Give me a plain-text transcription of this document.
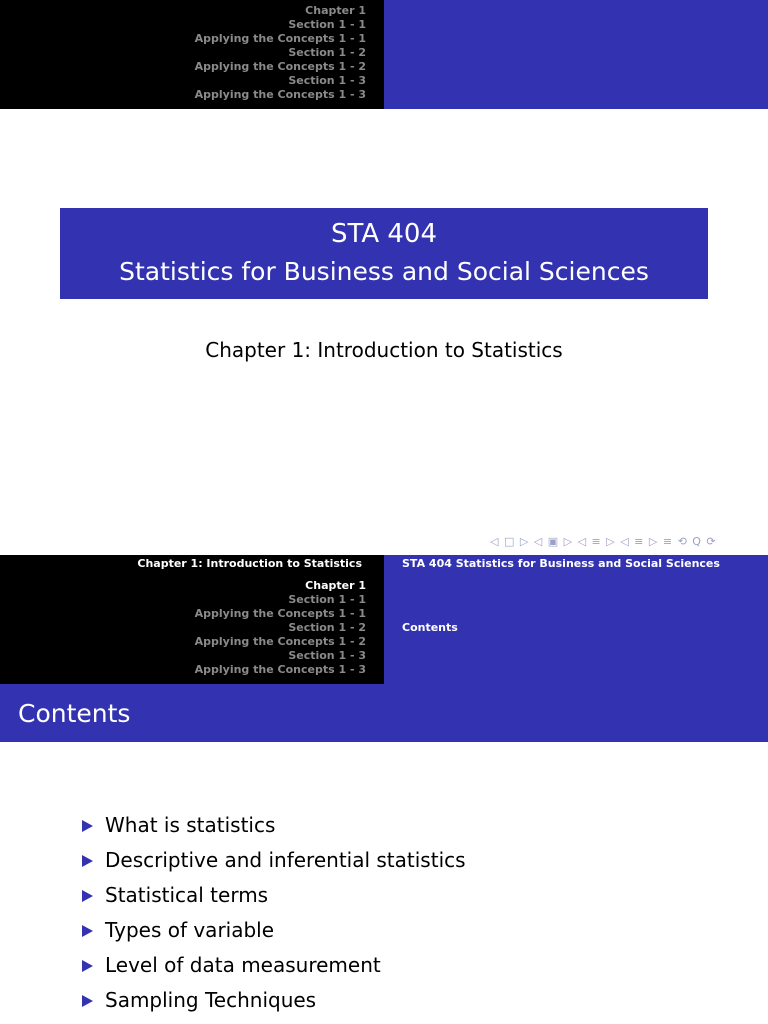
Chapter 1
Section 1 - 1
Applying the Concepts 1 - 1
Section 1 - 2
Applying the Concepts 1 - 2
Section 1 - 3
Applying the Concepts 1 - 3
STA 404
Statistics for Business and Social Sciences
Chapter 1: Introduction to Statistics
◁ □ ▷ ◁ ▣ ▷ ◁ ≡ ▷ ◁ ≡ ▷ ≡ ⟲ Q ⟳
Chapter 1: Introduction to Statistics
Chapter 1
Section 1 - 1
Applying the Concepts 1 - 1
Section 1 - 2
Applying the Concepts 1 - 2
Section 1 - 3
Applying the Concepts 1 - 3
STA 404 Statistics for Business and Social Sciences
Contents
Contents
What is statistics
Descriptive and inferential statistics
Statistical terms
Types of variable
Level of data measurement
Sampling Techniques
